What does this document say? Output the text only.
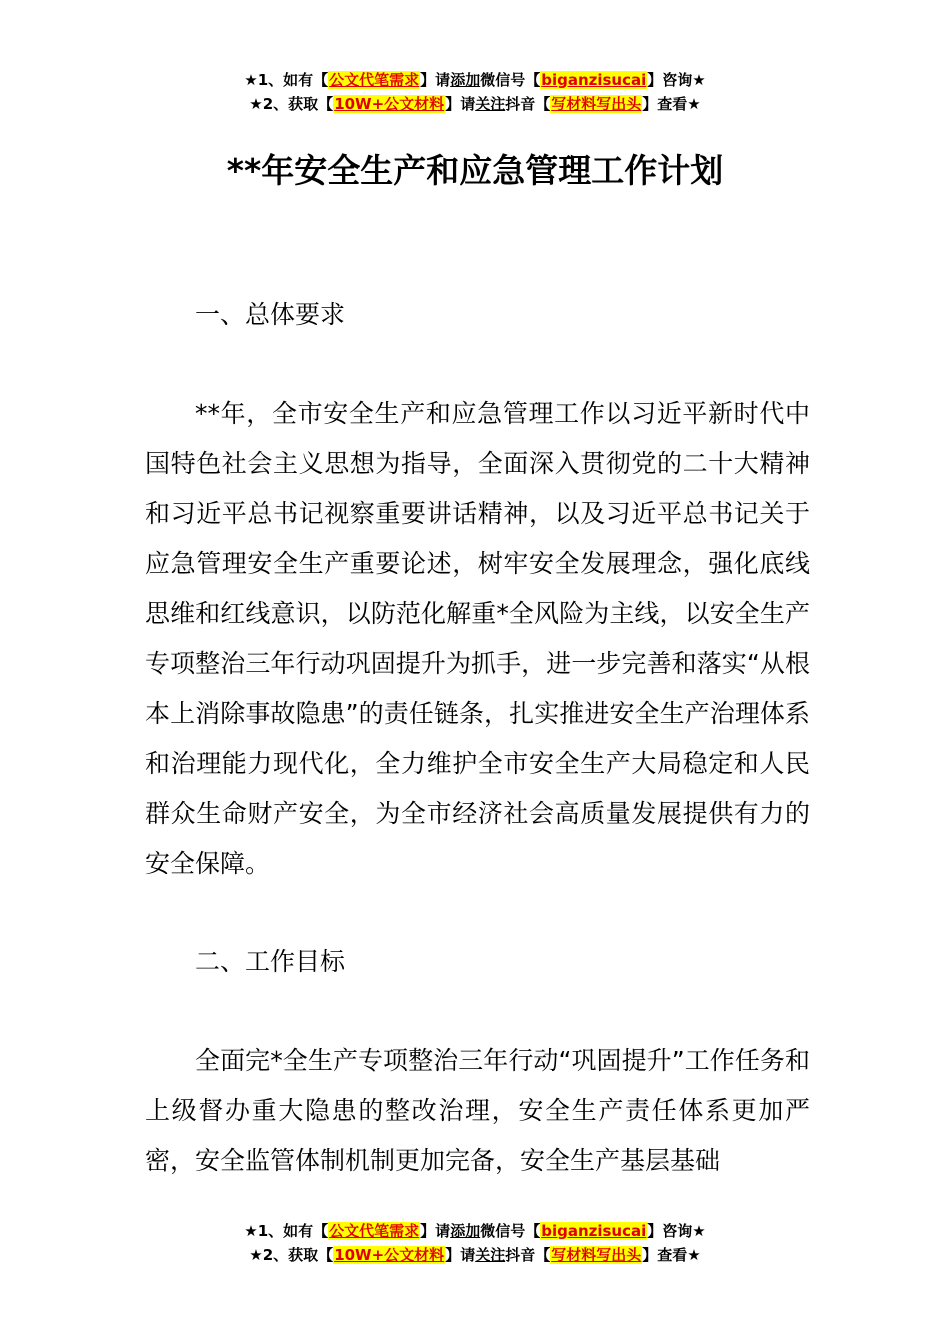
★1、如有【公文代笔需求】请添加微信号【biganzisucai】咨询★
★2、获取【10W+公文材料】请关注抖音【写材料写出头】查看★
**年安全生产和应急管理工作计划
一、总体要求
**年，全市安全生产和应急管理工作以习近平新时代中国特色社会主义思想为指导，全面深入贯彻党的二十大精神和习近平总书记视察重要讲话精神，以及习近平总书记关于应急管理安全生产重要论述，树牢安全发展理念，强化底线思维和红线意识，以防范化解重*全风险为主线，以安全生产专项整治三年行动巩固提升为抓手，进一步完善和落实“从根本上消除事故隐患”的责任链条，扎实推进安全生产治理体系和治理能力现代化，全力维护全市安全生产大局稳定和人民群众生命财产安全，为全市经济社会高质量发展提供有力的安全保障。
二、工作目标
全面完*全生产专项整治三年行动“巩固提升”工作任务和上级督办重大隐患的整改治理，安全生产责任体系更加严密，安全监管体制机制更加完备，安全生产基层基础
★1、如有【公文代笔需求】请添加微信号【biganzisucai】咨询★
★2、获取【10W+公文材料】请关注抖音【写材料写出头】查看★
